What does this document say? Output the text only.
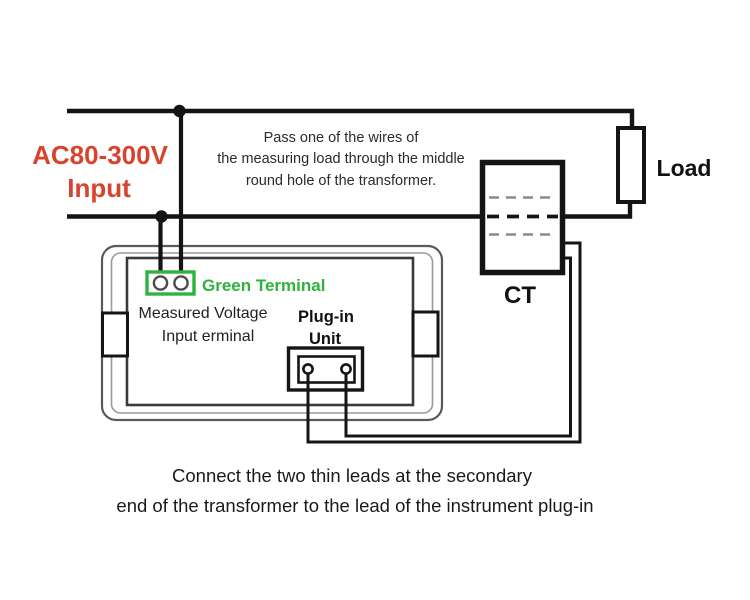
Load
CT
Green Terminal
Measured Voltage
Input erminal
Plug-in
Unit
AC80-300V
Input
Pass one of the wires of
the measuring load through the middle
round hole of the transformer.
Connect the two thin leads at the secondary
end of the transformer to the lead of the instrument plug-in
